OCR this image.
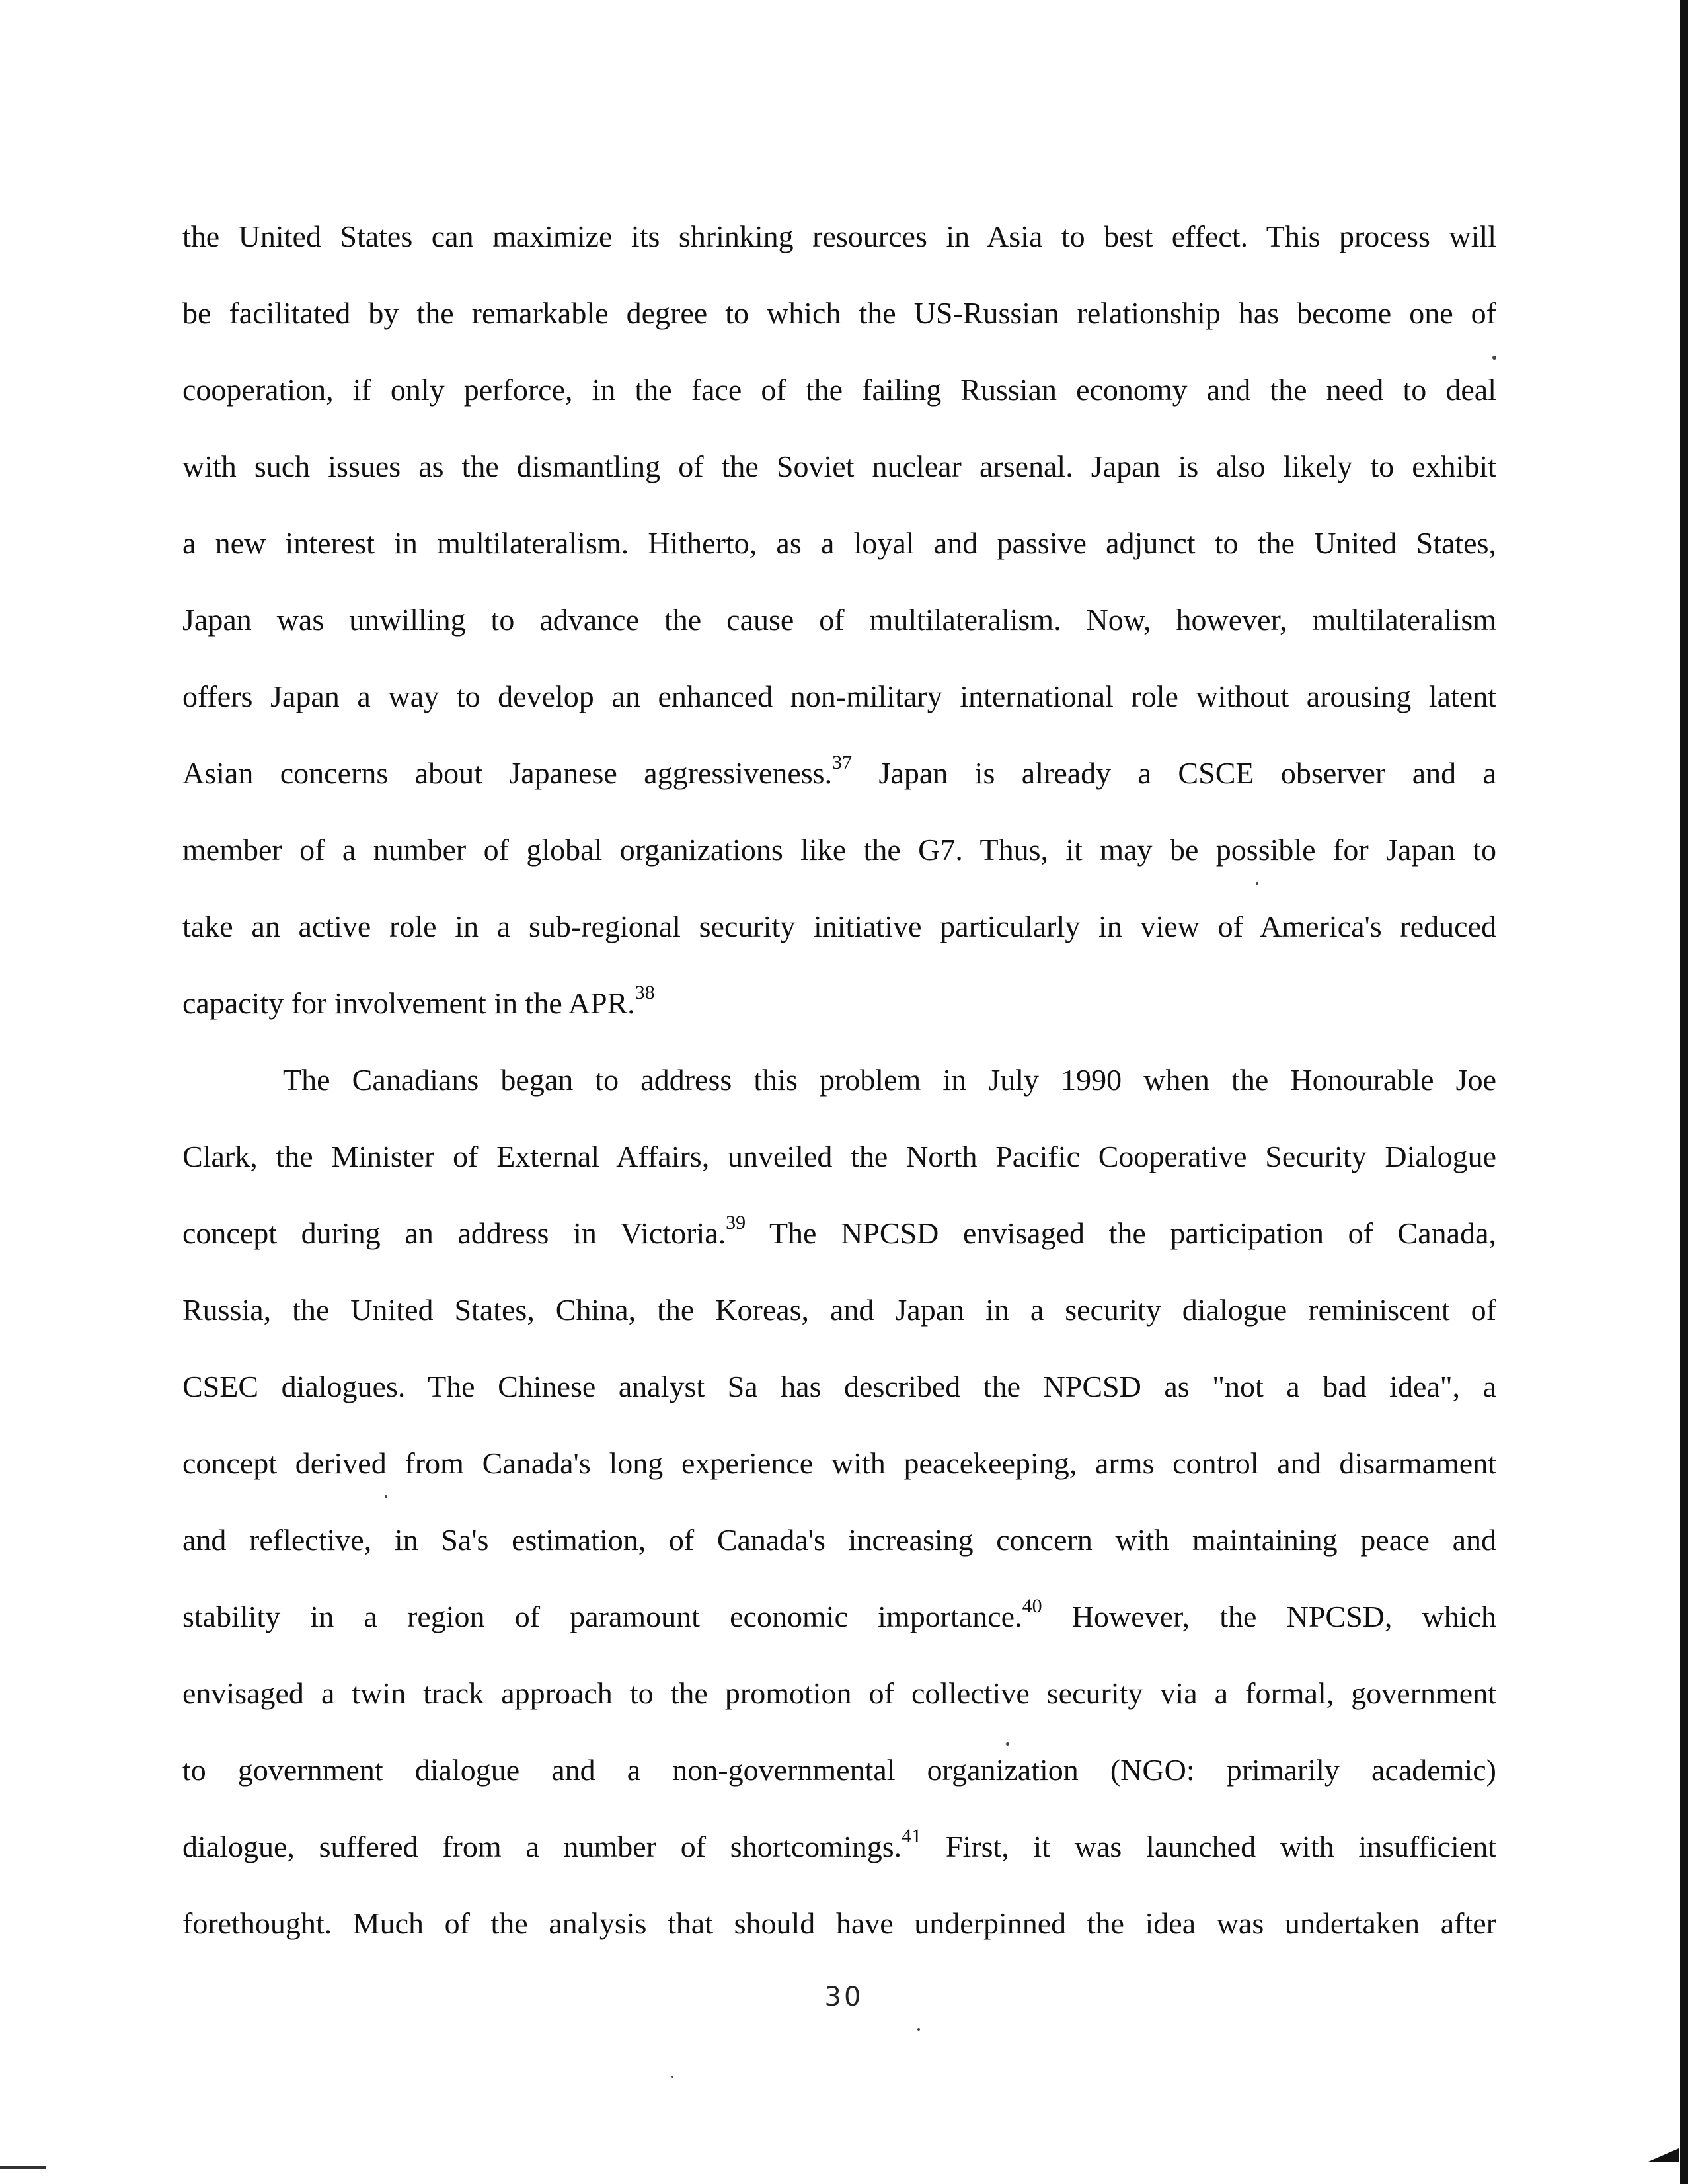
the United States can maximize its shrinking resources in Asia to best effect. This process will
be facilitated by the remarkable degree to which the US-Russian relationship has become one of
cooperation, if only perforce, in the face of the failing Russian economy and the need to deal
with such issues as the dismantling of the Soviet nuclear arsenal. Japan is also likely to exhibit
a new interest in multilateralism. Hitherto, as a loyal and passive adjunct to the United States,
Japan was unwilling to advance the cause of multilateralism. Now, however, multilateralism
offers Japan a way to develop an enhanced non-military international role without arousing latent
Asian concerns about Japanese aggressiveness.$^{37}$ Japan is already a CSCE observer and a
member of a number of global organizations like the G7. Thus, it may be possible for Japan to
take an active role in a sub-regional security initiative particularly in view of America's reduced
capacity for involvement in the APR.$^{38}$
The Canadians began to address this problem in July 1990 when the Honourable Joe
Clark, the Minister of External Affairs, unveiled the North Pacific Cooperative Security Dialogue
concept during an address in Victoria.$^{39}$ The NPCSD envisaged the participation of Canada,
Russia, the United States, China, the Koreas, and Japan in a security dialogue reminiscent of
CSEC dialogues. The Chinese analyst Sa has described the NPCSD as "not a bad idea", a
concept derived from Canada's long experience with peacekeeping, arms control and disarmament
and reflective, in Sa's estimation, of Canada's increasing concern with maintaining peace and
stability in a region of paramount economic importance.$^{40}$ However, the NPCSD, which
envisaged a twin track approach to the promotion of collective security via a formal, government
to government dialogue and a non-governmental organization (NGO: primarily academic)
dialogue, suffered from a number of shortcomings.$^{41}$ First, it was launched with insufficient
forethought. Much of the analysis that should have underpinned the idea was undertaken after
30
